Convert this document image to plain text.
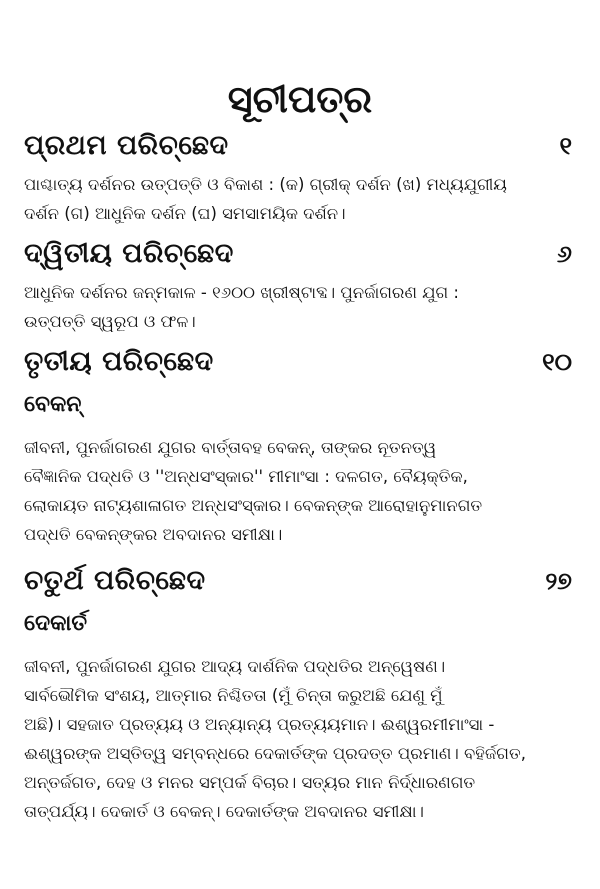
ସୂଚୀପତ୍ର
ପ୍ରଥମ ପରିଚ୍ଛେଦ	୧

ପାଶ୍ଚାତ୍ୟ ଦର୍ଶନର ଉତ୍ପତ୍ତି ଓ ବିକାଶ : (କ) ଗ୍ରୀକ୍ ଦର୍ଶନ (ଖ) ମଧ୍ୟଯୁଗୀୟ
ଦର୍ଶନ (ଗ) ଆଧୁନିକ ଦର୍ଶନ (ଘ) ସମସାମୟିକ ଦର୍ଶନ।

ଦ୍ୱିତୀୟ ପରିଚ୍ଛେଦ	୬

ଆଧୁନିକ ଦର୍ଶନର ଜନ୍ମକାଳ - ୧୬୦୦ ଖ୍ରୀଷ୍ଟାବ୍ଦ। ପୁନର୍ଜାଗରଣ ଯୁଗ :
ଉତ୍ପତ୍ତି ସ୍ୱରୂପ ଓ ଫଳ।

ତୃତୀୟ ପରିଚ୍ଛେଦ	୧୦
ବେକନ୍

ଜୀବନୀ, ପୁନର୍ଜାଗରଣ ଯୁଗର ବାର୍ତ୍ତାବହ ବେକନ୍, ତାଙ୍କର ନୂତନତ୍ୱ
ବୈଜ୍ଞାନିକ ପଦ୍ଧତି ଓ ''ଅନ୍ଧସଂସ୍କାର'' ମୀମାଂସା : ଦଳଗତ, ବୈୟକ୍ତିକ,
ଲୋକାୟତ ନାଟ୍ୟଶାଳାଗତ ଅନ୍ଧସଂସ୍କାର। ବେକନ୍ଙ୍କ ଆରୋହାନୁମାନଗତ
ପଦ୍ଧତି ବେକନ୍ଙ୍କର ଅବଦାନର ସମୀକ୍ଷା।

ଚତୁର୍ଥ ପରିଚ୍ଛେଦ	୨୭
ଦେକାର୍ତ

ଜୀବନୀ, ପୁନର୍ଜାଗରଣ ଯୁଗର ଆଦ୍ୟ ଦାର୍ଶନିକ ପଦ୍ଧତିର ଅନ୍ୱେଷଣ।
ସାର୍ବଭୌମିକ ସଂଶୟ, ଆତ୍ମାର ନିଶ୍ଚିତତା (ମୁଁ ଚିନ୍ତା କରୁଅଛି ଯେଣୁ ମୁଁ
ଅଛି)। ସହଜାତ ପ୍ରତ୍ୟୟ ଓ ଅନ୍ୟାନ୍ୟ ପ୍ରତ୍ୟୟମାନ। ଈଶ୍ୱରମୀମାଂସା -
ଈଶ୍ୱରଙ୍କ ଅସ୍ତିତ୍ୱ ସମ୍ବନ୍ଧରେ ଦେକାର୍ତଙ୍କ ପ୍ରଦତ୍ତ ପ୍ରମାଣ। ବହିର୍ଜଗତ,
ଅନ୍ତର୍ଜଗତ, ଦେହ ଓ ମନର ସମ୍ପର୍କ ବିଚାର। ସତ୍ୟର ମାନ ନିର୍ଦ୍ଧାରଣଗତ
ତାତ୍ପର୍ଯ୍ୟ। ଦେକାର୍ତ ଓ ବେକନ୍। ଦେକାର୍ତଙ୍କ ଅବଦାନର ସମୀକ୍ଷା।
